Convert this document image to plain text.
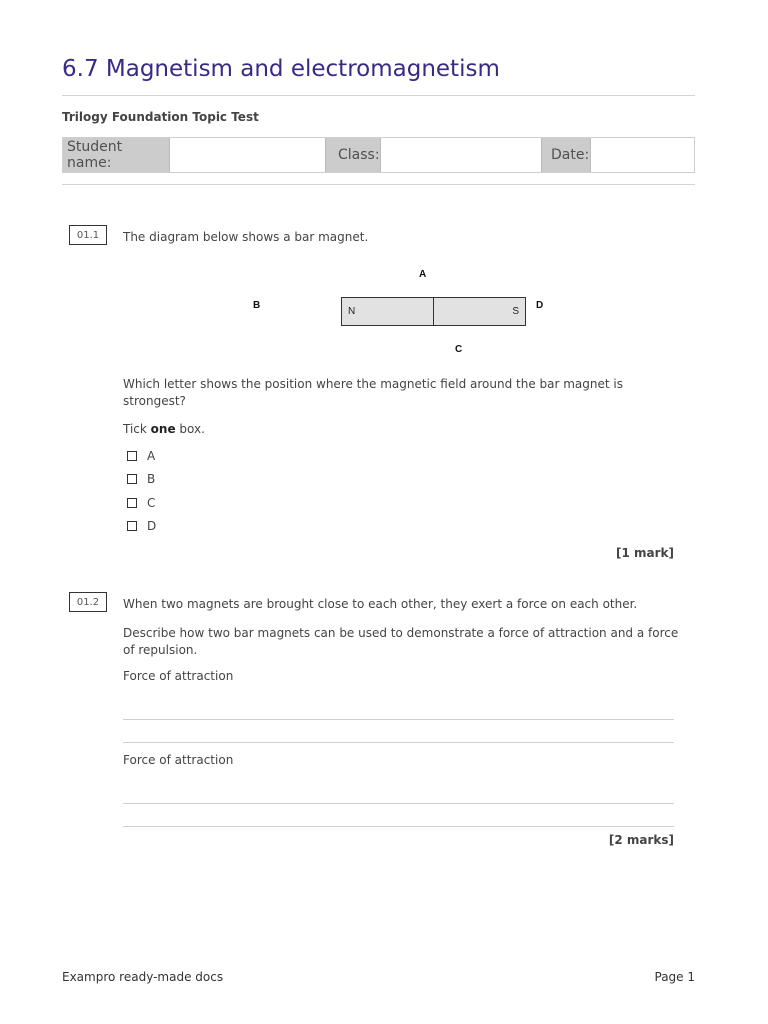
6.7 Magnetism and electromagnetism
Trilogy Foundation Topic Test
Student name:	Class:	Date:
01.1	The diagram below shows a bar magnet.
A
B	D
C
N	S
Which letter shows the position where the magnetic field around the bar magnet is strongest?
Tick one box.
A
B
C
D
[1 mark]
01.2	When two magnets are brought close to each other, they exert a force on each other.
Describe how two bar magnets can be used to demonstrate a force of attraction and a force of repulsion.
Force of attraction
Force of attraction
[2 marks]
Exampro ready-made docs	Page 1
